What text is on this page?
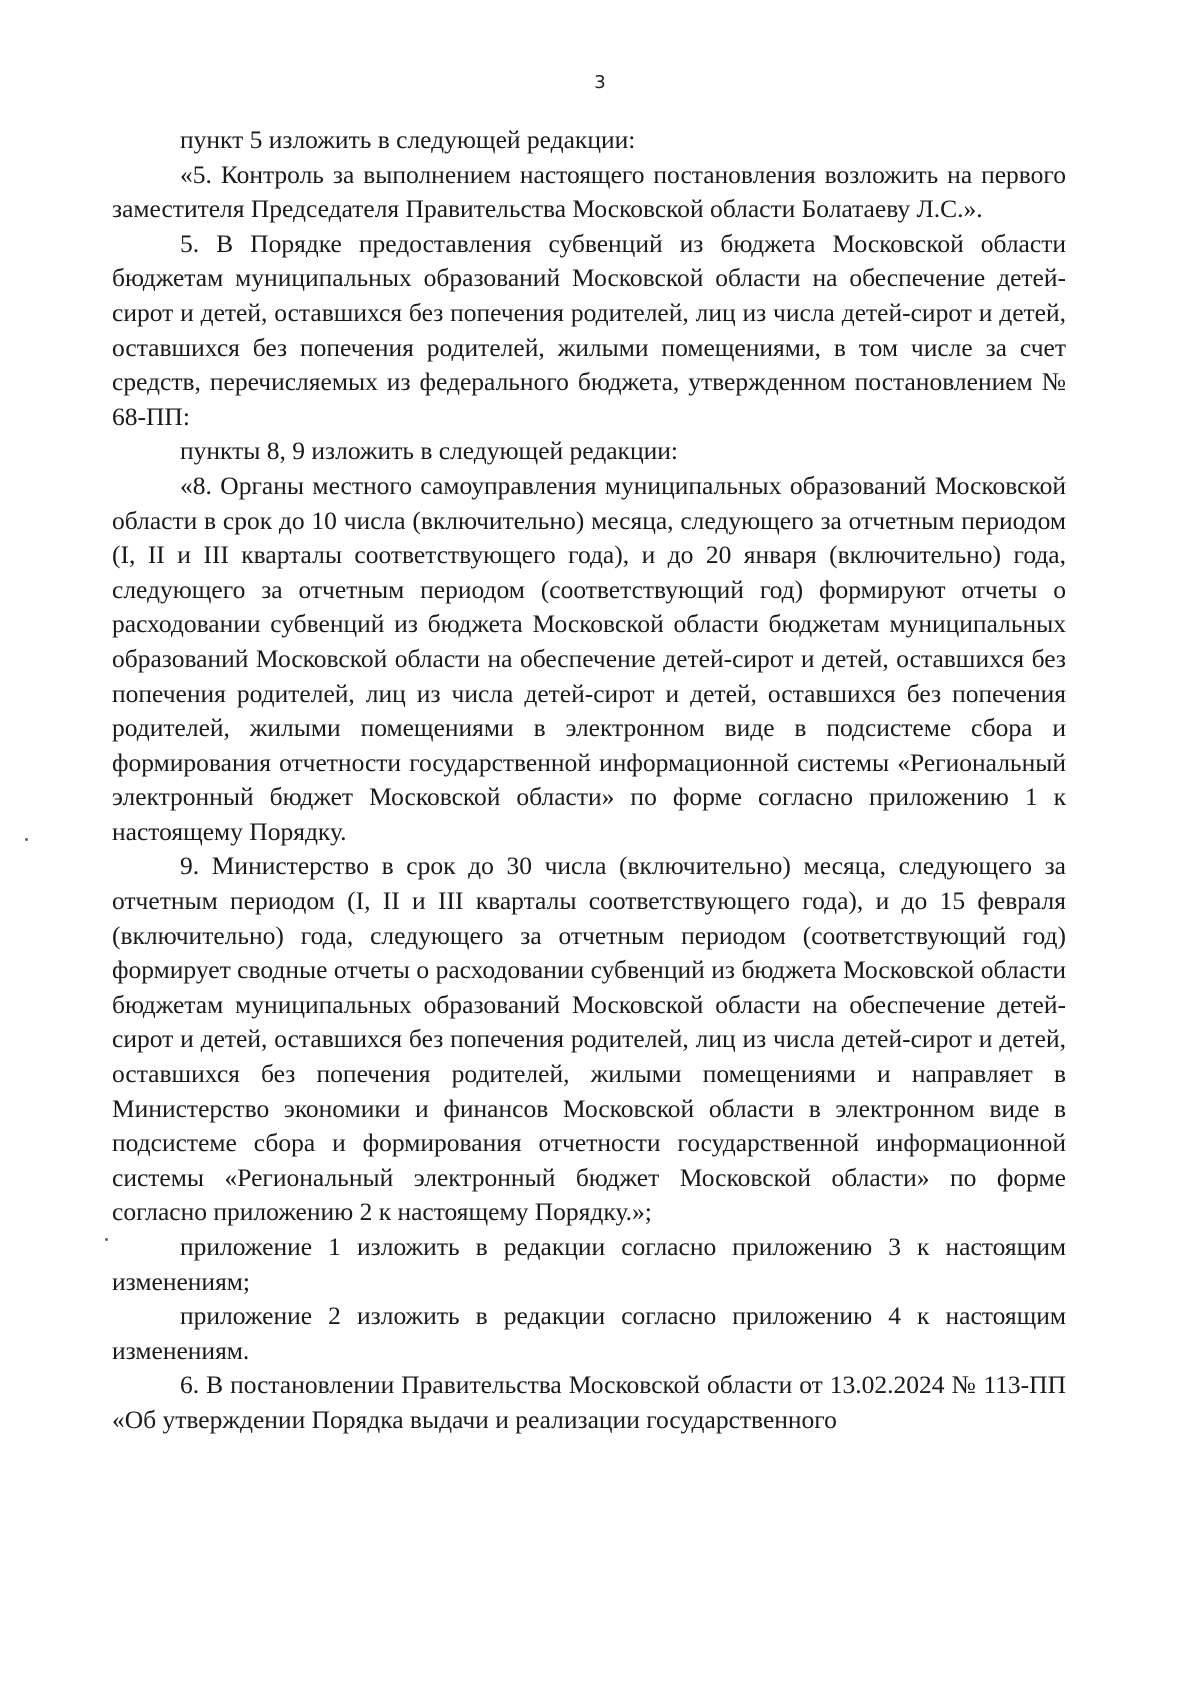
3

пункт 5 изложить в следующей редакции:

«5. Контроль за выполнением настоящего постановления возложить на первого заместителя Председателя Правительства Московской области Болатаеву Л.С.».

5. В Порядке предоставления субвенций из бюджета Московской области бюджетам муниципальных образований Московской области на обеспечение детей-сирот и детей, оставшихся без попечения родителей, лиц из числа детей-сирот и детей, оставшихся без попечения родителей, жилыми помещениями, в том числе за счет средств, перечисляемых из федерального бюджета, утвержденном постановлением № 68-ПП:

пункты 8, 9 изложить в следующей редакции:

«8. Органы местного самоуправления муниципальных образований Московской области в срок до 10 числа (включительно) месяца, следующего за отчетным периодом (I, II и III кварталы соответствующего года), и до 20 января (включительно) года, следующего за отчетным периодом (соответствующий год) формируют отчеты о расходовании субвенций из бюджета Московской области бюджетам муниципальных образований Московской области на обеспечение детей-сирот и детей, оставшихся без попечения родителей, лиц из числа детей-сирот и детей, оставшихся без попечения родителей, жилыми помещениями в электронном виде в подсистеме сбора и формирования отчетности государственной информационной системы «Региональный электронный бюджет Московской области» по форме согласно приложению 1 к настоящему Порядку.

9. Министерство в срок до 30 числа (включительно) месяца, следующего за отчетным периодом (I, II и III кварталы соответствующего года), и до 15 февраля (включительно) года, следующего за отчетным периодом (соответствующий год) формирует сводные отчеты о расходовании субвенций из бюджета Московской области бюджетам муниципальных образований Московской области на обеспечение детей-сирот и детей, оставшихся без попечения родителей, лиц из числа детей-сирот и детей, оставшихся без попечения родителей, жилыми помещениями и направляет в Министерство экономики и финансов Московской области в электронном виде в подсистеме сбора и формирования отчетности государственной информационной системы «Региональный электронный бюджет Московской области» по форме согласно приложению 2 к настоящему Порядку.»;

приложение 1 изложить в редакции согласно приложению 3 к настоящим изменениям;

приложение 2 изложить в редакции согласно приложению 4 к настоящим изменениям.

6. В постановлении Правительства Московской области от 13.02.2024 № 113-ПП «Об утверждении Порядка выдачи и реализации государственного
